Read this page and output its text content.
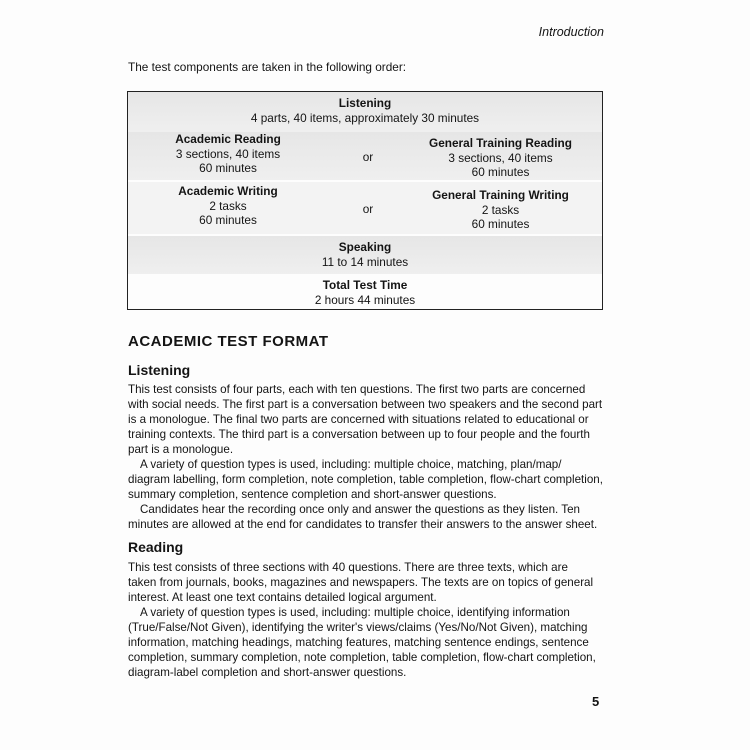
Introduction
The test components are taken in the following order:
Listening
4 parts, 40 items, approximately 30 minutes
Academic Reading
3 sections, 40 items
60 minutes
or
General Training Reading
3 sections, 40 items
60 minutes
Academic Writing
2 tasks
60 minutes
or
General Training Writing
2 tasks
60 minutes
Speaking
11 to 14 minutes
Total Test Time
2 hours 44 minutes
ACADEMIC TEST FORMAT
Listening
This test consists of four parts, each with ten questions. The first two parts are concerned
with social needs. The first part is a conversation between two speakers and the second part
is a monologue. The final two parts are concerned with situations related to educational or
training contexts. The third part is a conversation between up to four people and the fourth
part is a monologue.
A variety of question types is used, including: multiple choice, matching, plan/map/
diagram labelling, form completion, note completion, table completion, flow-chart completion,
summary completion, sentence completion and short-answer questions.
Candidates hear the recording once only and answer the questions as they listen. Ten
minutes are allowed at the end for candidates to transfer their answers to the answer sheet.
Reading
This test consists of three sections with 40 questions. There are three texts, which are
taken from journals, books, magazines and newspapers. The texts are on topics of general
interest. At least one text contains detailed logical argument.
A variety of question types is used, including: multiple choice, identifying information
(True/False/Not Given), identifying the writer's views/claims (Yes/No/Not Given), matching
information, matching headings, matching features, matching sentence endings, sentence
completion, summary completion, note completion, table completion, flow-chart completion,
diagram-label completion and short-answer questions.
5
